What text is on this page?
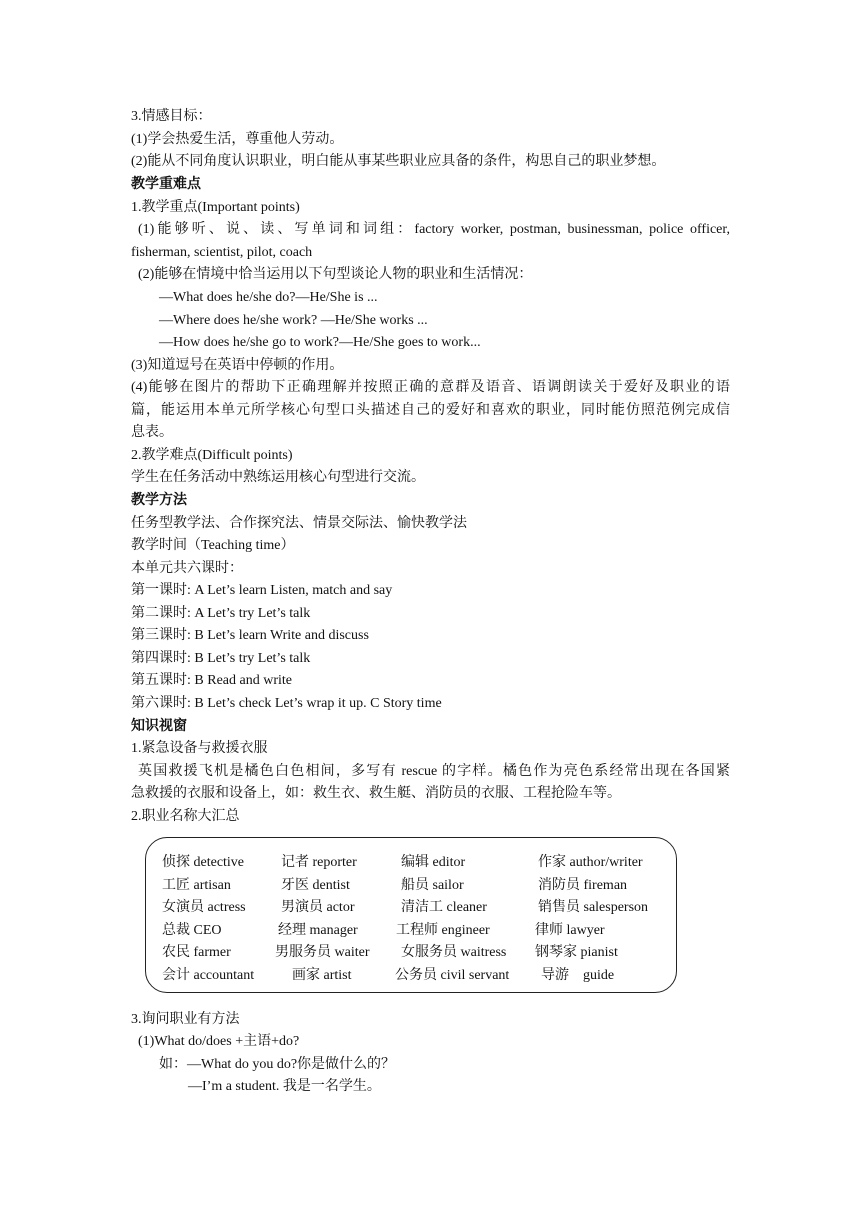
3.情感目标：
(1)学会热爱生活，尊重他人劳动。
(2)能从不同角度认识职业，明白能从事某些职业应具备的条件，构思自己的职业梦想。
教学重难点
1.教学重点(Important points)
(1)能够听、说、读、写单词和词组：factory worker, postman, businessman, police officer,
fisherman, scientist, pilot, coach
(2)能够在情境中恰当运用以下句型谈论人物的职业和生活情况：
—What does he/she do?—He/She is ...
—Where does he/she work? —He/She works ...
—How does he/she go to work?—He/She goes to work...
(3)知道逗号在英语中停顿的作用。
(4)能够在图片的帮助下正确理解并按照正确的意群及语音、语调朗读关于爱好及职业的语
篇，能运用本单元所学核心句型口头描述自己的爱好和喜欢的职业，同时能仿照范例完成信
息表。
2.教学难点(Difficult points)
学生在任务活动中熟练运用核心句型进行交流。
教学方法
任务型教学法、合作探究法、情景交际法、愉快教学法
教学时间（Teaching time）
本单元共六课时：
第一课时: A Let’s learn Listen, match and say
第二课时: A Let’s try Let’s talk
第三课时: B Let’s learn Write and discuss
第四课时: B Let’s try Let’s talk
第五课时: B Read and write
第六课时: B Let’s check Let’s wrap it up. C Story time
知识视窗
1.紧急设备与救援衣服
英国救援飞机是橘色白色相间，多写有 rescue 的字样。橘色作为亮色系经常出现在各国紧
急救援的衣服和设备上，如：救生衣、救生艇、消防员的衣服、工程抢险车等。
2.职业名称大汇总
侦探 detective	记者 reporter	编辑 editor	作家 author/writer
工匠 artisan	牙医 dentist	船员 sailor	消防员 fireman
女演员 actress	男演员 actor	清洁工 cleaner	销售员 salesperson
总裁 CEO	经理 manager	工程师 engineer	律师 lawyer
农民 farmer	男服务员 waiter 女服务员 waitress 钢琴家 pianist
会计 accountant	画家 artist	公务员 civil servant 导游    guide
3.询问职业有方法
(1)What do/does +主语+do?
如：—What do you do?你是做什么的？
—I’m a student. 我是一名学生。
